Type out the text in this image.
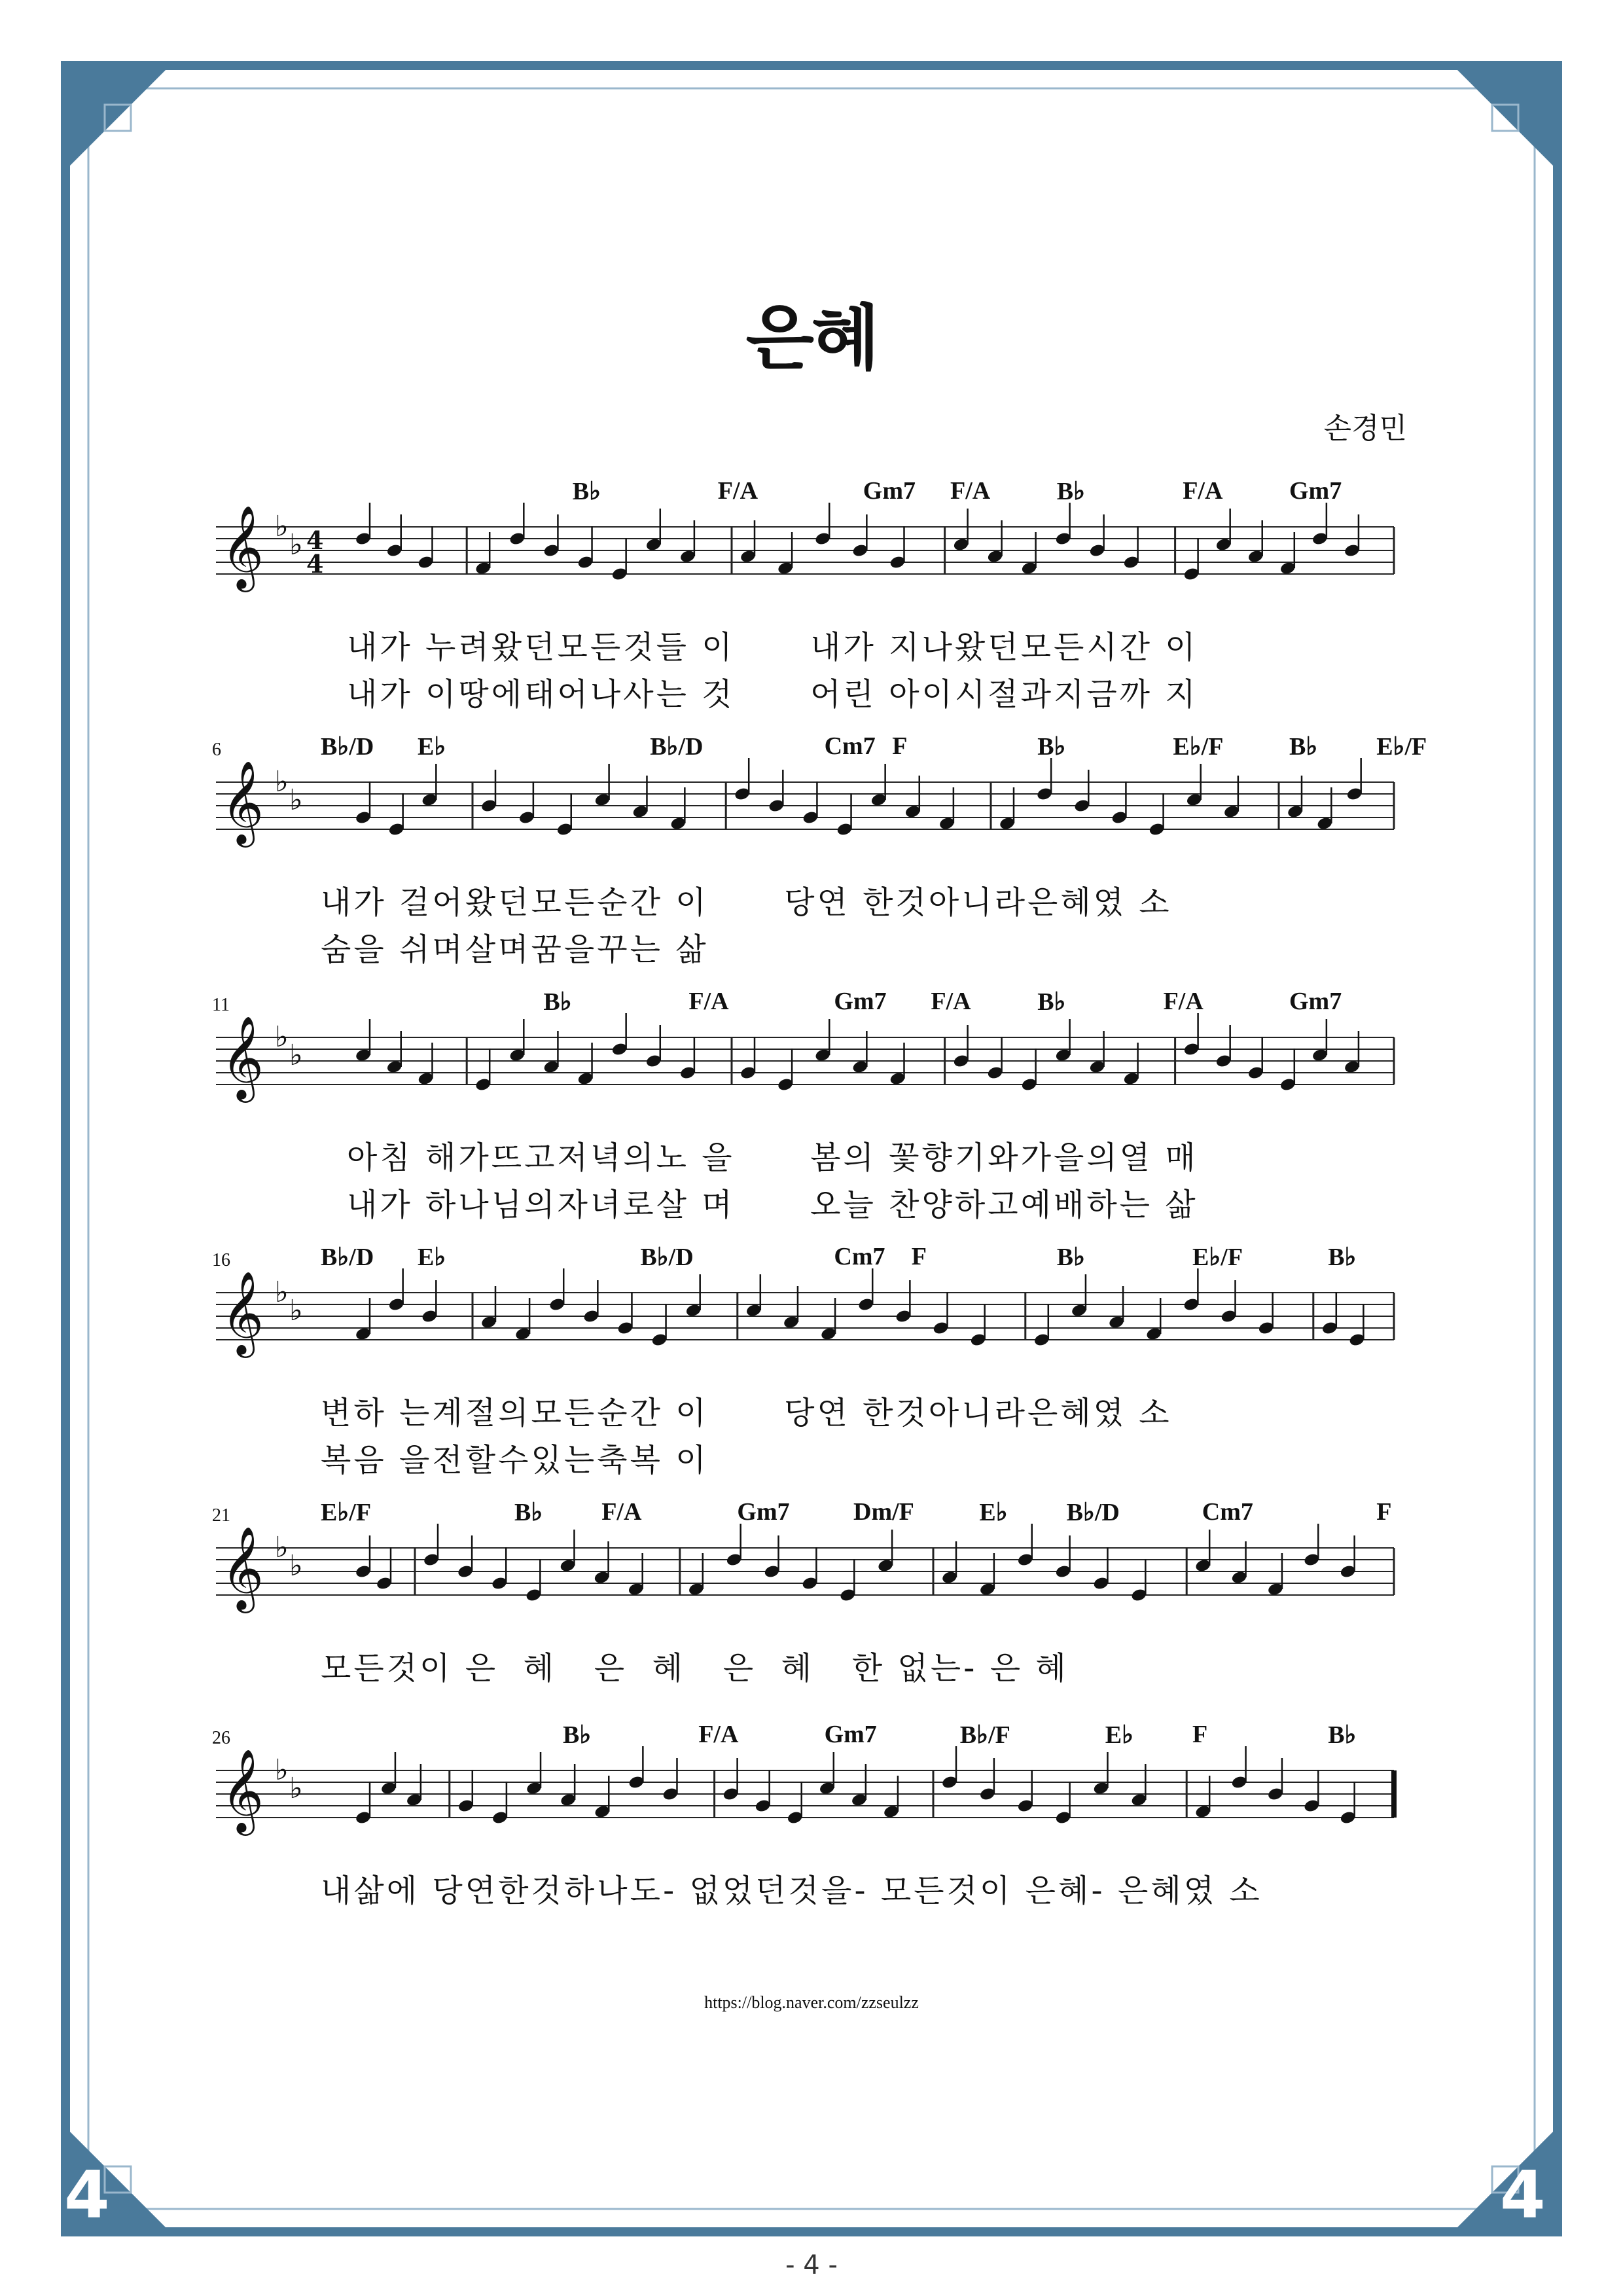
4	4
은혜
손경민
𝄞 ♭
♭ 4
4
B♭	F/A	Gm7 F/A	B♭	F/A	Gm7
내가 누려왔던모든것들 이      내가 지나왔던모든시간 이
내가 이땅에태어나사는 것      어린 아이시절과지금까 지
𝄞 ♭
♭
6	B♭/D E♭	B♭/D	Cm7 F	B♭	E♭/F	B♭ E♭/F
내가 걸어왔던모든순간 이      당연 한것아니라은혜였 소
숨을 쉬며살며꿈을꾸는 삶
𝄞 ♭
♭
11	B♭	F/A	Gm7 F/A	B♭	F/A	Gm7
아침 해가뜨고저녁의노 을      봄의 꽃향기와가을의열 매
내가 하나님의자녀로살 며      오늘 찬양하고예배하는 삶
𝄞 ♭
♭
16	B♭/D E♭	B♭/D	Cm7 F	B♭	E♭/F	B♭
변하 는계절의모든순간 이      당연 한것아니라은혜였 소
복음 을전할수있는축복 이
𝄞 ♭
♭
21	E♭/F	B♭ F/A	Gm7	Dm/F	E♭ B♭/D	Cm7	F
모든것이 은  혜   은  혜   은  혜   한 없는- 은 혜
𝄞 ♭
♭
26	B♭	F/A	Gm7	B♭/F	E♭ F	B♭
내삶에 당연한것하나도- 없었던것을- 모든것이 은혜- 은혜였 소
https://blog.naver.com/zzseulzz
- 4 -
